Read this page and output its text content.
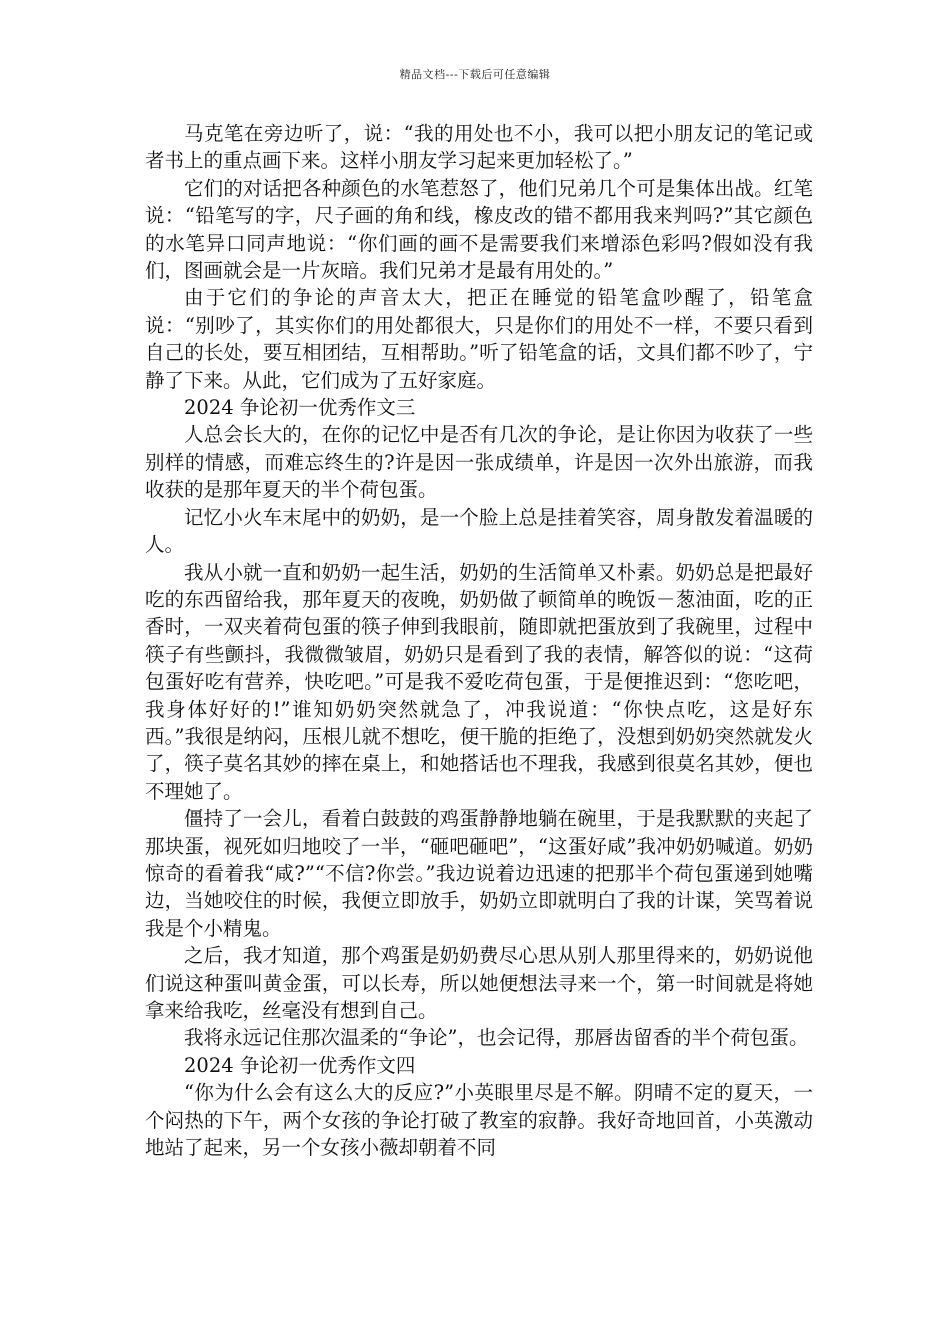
精品文档---下载后可任意编辑

马克笔在旁边听了，说：“我的用处也不小，我可以把小朋友记的笔记或者书上的重点画下来。这样小朋友学习起来更加轻松了。”

它们的对话把各种颜色的水笔惹怒了，他们兄弟几个可是集体出战。红笔说：“铅笔写的字，尺子画的角和线，橡皮改的错不都用我来判吗?”其它颜色的水笔异口同声地说：“你们画的画不是需要我们来增添色彩吗?假如没有我们，图画就会是一片灰暗。我们兄弟才是最有用处的。”

由于它们的争论的声音太大，把正在睡觉的铅笔盒吵醒了，铅笔盒说：“别吵了，其实你们的用处都很大，只是你们的用处不一样，不要只看到自己的长处，要互相团结，互相帮助。”听了铅笔盒的话，文具们都不吵了，宁静了下来。从此，它们成为了五好家庭。

2024 争论初一优秀作文三

人总会长大的，在你的记忆中是否有几次的争论，是让你因为收获了一些别样的情感，而难忘终生的?许是因一张成绩单，许是因一次外出旅游，而我收获的是那年夏天的半个荷包蛋。

记忆小火车末尾中的奶奶，是一个脸上总是挂着笑容，周身散发着温暖的人。

我从小就一直和奶奶一起生活，奶奶的生活简单又朴素。奶奶总是把最好吃的东西留给我，那年夏天的夜晚，奶奶做了顿简单的晚饭－葱油面，吃的正香时，一双夹着荷包蛋的筷子伸到我眼前，随即就把蛋放到了我碗里，过程中筷子有些颤抖，我微微皱眉，奶奶只是看到了我的表情，解答似的说：“这荷包蛋好吃有营养，快吃吧。”可是我不爱吃荷包蛋，于是便推迟到：“您吃吧，我身体好好的!”谁知奶奶突然就急了，冲我说道：“你快点吃，这是好东西。”我很是纳闷，压根儿就不想吃，便干脆的拒绝了，没想到奶奶突然就发火了，筷子莫名其妙的摔在桌上，和她搭话也不理我，我感到很莫名其妙，便也不理她了。

僵持了一会儿，看着白鼓鼓的鸡蛋静静地躺在碗里，于是我默默的夹起了那块蛋，视死如归地咬了一半，“砸吧砸吧”，“这蛋好咸”我冲奶奶喊道。奶奶惊奇的看着我“咸?”“不信?你尝。”我边说着边迅速的把那半个荷包蛋递到她嘴边，当她咬住的时候，我便立即放手，奶奶立即就明白了我的计谋，笑骂着说我是个小精鬼。

之后，我才知道，那个鸡蛋是奶奶费尽心思从别人那里得来的，奶奶说他们说这种蛋叫黄金蛋，可以长寿，所以她便想法寻来一个，第一时间就是将她拿来给我吃，丝毫没有想到自己。

我将永远记住那次温柔的“争论”，也会记得，那唇齿留香的半个荷包蛋。

2024 争论初一优秀作文四

“你为什么会有这么大的反应?”小英眼里尽是不解。阴晴不定的夏天，一个闷热的下午，两个女孩的争论打破了教室的寂静。我好奇地回首，小英激动地站了起来，另一个女孩小薇却朝着不同
